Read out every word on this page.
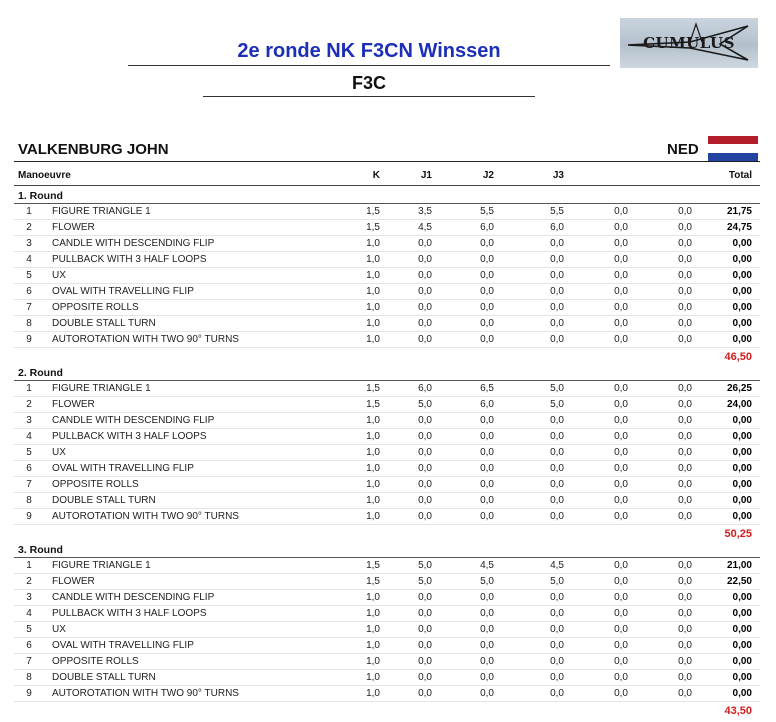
2e ronde NK F3CN Winssen
F3C
CUMULUS
VALKENBURG JOHN	NED
Manoeuvre	K	J1	J2	J3	Total
1. Round
1	FIGURE TRIANGLE 1	1,5	3,5	5,5	5,5	0,0	0,0	21,75
2	FLOWER	1,5	4,5	6,0	6,0	0,0	0,0	24,75
3	CANDLE WITH DESCENDING FLIP	1,0	0,0	0,0	0,0	0,0	0,0	0,00
4	PULLBACK WITH 3 HALF LOOPS	1,0	0,0	0,0	0,0	0,0	0,0	0,00
5	UX	1,0	0,0	0,0	0,0	0,0	0,0	0,00
6	OVAL WITH TRAVELLING FLIP	1,0	0,0	0,0	0,0	0,0	0,0	0,00
7	OPPOSITE ROLLS	1,0	0,0	0,0	0,0	0,0	0,0	0,00
8	DOUBLE STALL TURN	1,0	0,0	0,0	0,0	0,0	0,0	0,00
9	AUTOROTATION WITH TWO 90° TURNS	1,0	0,0	0,0	0,0	0,0	0,0	0,00
46,50
2. Round
1	FIGURE TRIANGLE 1	1,5	6,0	6,5	5,0	0,0	0,0	26,25
2	FLOWER	1,5	5,0	6,0	5,0	0,0	0,0	24,00
3	CANDLE WITH DESCENDING FLIP	1,0	0,0	0,0	0,0	0,0	0,0	0,00
4	PULLBACK WITH 3 HALF LOOPS	1,0	0,0	0,0	0,0	0,0	0,0	0,00
5	UX	1,0	0,0	0,0	0,0	0,0	0,0	0,00
6	OVAL WITH TRAVELLING FLIP	1,0	0,0	0,0	0,0	0,0	0,0	0,00
7	OPPOSITE ROLLS	1,0	0,0	0,0	0,0	0,0	0,0	0,00
8	DOUBLE STALL TURN	1,0	0,0	0,0	0,0	0,0	0,0	0,00
9	AUTOROTATION WITH TWO 90° TURNS	1,0	0,0	0,0	0,0	0,0	0,0	0,00
50,25
3. Round
1	FIGURE TRIANGLE 1	1,5	5,0	4,5	4,5	0,0	0,0	21,00
2	FLOWER	1,5	5,0	5,0	5,0	0,0	0,0	22,50
3	CANDLE WITH DESCENDING FLIP	1,0	0,0	0,0	0,0	0,0	0,0	0,00
4	PULLBACK WITH 3 HALF LOOPS	1,0	0,0	0,0	0,0	0,0	0,0	0,00
5	UX	1,0	0,0	0,0	0,0	0,0	0,0	0,00
6	OVAL WITH TRAVELLING FLIP	1,0	0,0	0,0	0,0	0,0	0,0	0,00
7	OPPOSITE ROLLS	1,0	0,0	0,0	0,0	0,0	0,0	0,00
8	DOUBLE STALL TURN	1,0	0,0	0,0	0,0	0,0	0,0	0,00
9	AUTOROTATION WITH TWO 90° TURNS	1,0	0,0	0,0	0,0	0,0	0,0	0,00
43,50
